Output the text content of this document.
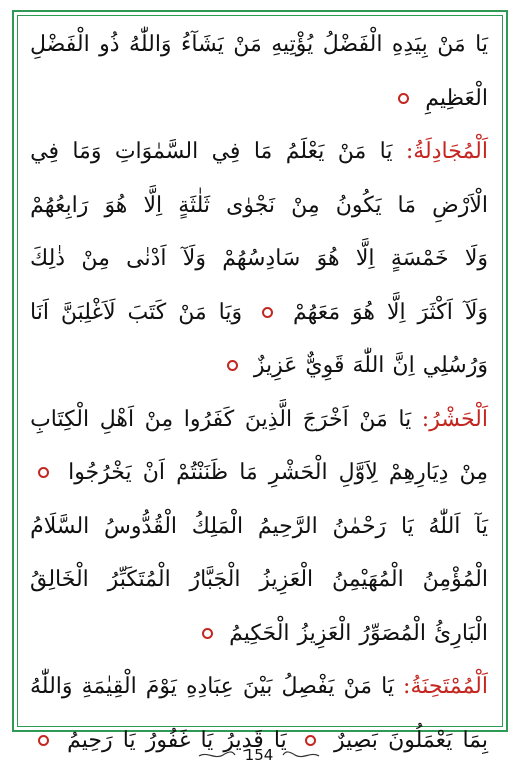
يَا
مَنْ
بِيَدِهِ
الْفَضْلُ
يُؤْتِيهِ
مَنْ
يَشَآءُ
وَاللّٰهُ
ذُو
الْفَضْلِ
الْعَظِيمِ
اَلْمُجَادِلَةُ:
يَا
مَنْ
يَعْلَمُ
مَا
فِي
السَّمٰوَاتِ
وَمَا
فِي
الْاَرْضِ
مَا
يَكُونُ
مِنْ
نَجْوٰى
ثَلٰثَةٍ
اِلَّا
هُوَ
رَابِعُهُمْ
وَلَا
خَمْسَةٍ
اِلَّا
هُوَ
سَادِسُهُمْ
وَلَآ
اَدْنٰى
مِنْ
ذٰلِكَ
وَلَآ
اَكْثَرَ
اِلَّا
هُوَ
مَعَهُمْ
وَيَا
مَنْ
كَتَبَ
لَاَغْلِبَنَّ
اَنَا
وَرُسُلِي
اِنَّ
اللّٰهَ
قَوِيٌّ
عَزِيزٌ
اَلْحَشْرُ:
يَا
مَنْ
اَخْرَجَ
الَّذِينَ
كَفَرُوا
مِنْ
اَهْلِ
الْكِتَابِ
مِنْ
دِيَارِهِمْ
لِاَوَّلِ
الْحَشْرِ
مَا
ظَنَنْتُمْ
اَنْ
يَخْرُجُوا
يَآ
اَللّٰهُ
يَا
رَحْمٰنُ
الرَّحِيمُ
الْمَلِكُ
الْقُدُّوسُ
السَّلَامُ
الْمُؤْمِنُ
الْمُهَيْمِنُ
الْعَزِيزُ
الْجَبَّارُ
الْمُتَكَبِّرُ
الْخَالِقُ
الْبَارِئُ
الْمُصَوِّرُ
الْعَزِيزُ
الْحَكِيمُ
اَلْمُمْتَحِنَةُ:
يَا
مَنْ
يَفْصِلُ
بَيْنَ
عِبَادِهِ
يَوْمَ
الْقِيٰمَةِ
وَاللّٰهُ
بِمَا
يَعْمَلُونَ
بَصِيرٌ
يَا
قَدِيرُ
يَا
غَفُورُ
يَا
رَحِيمُ
154
